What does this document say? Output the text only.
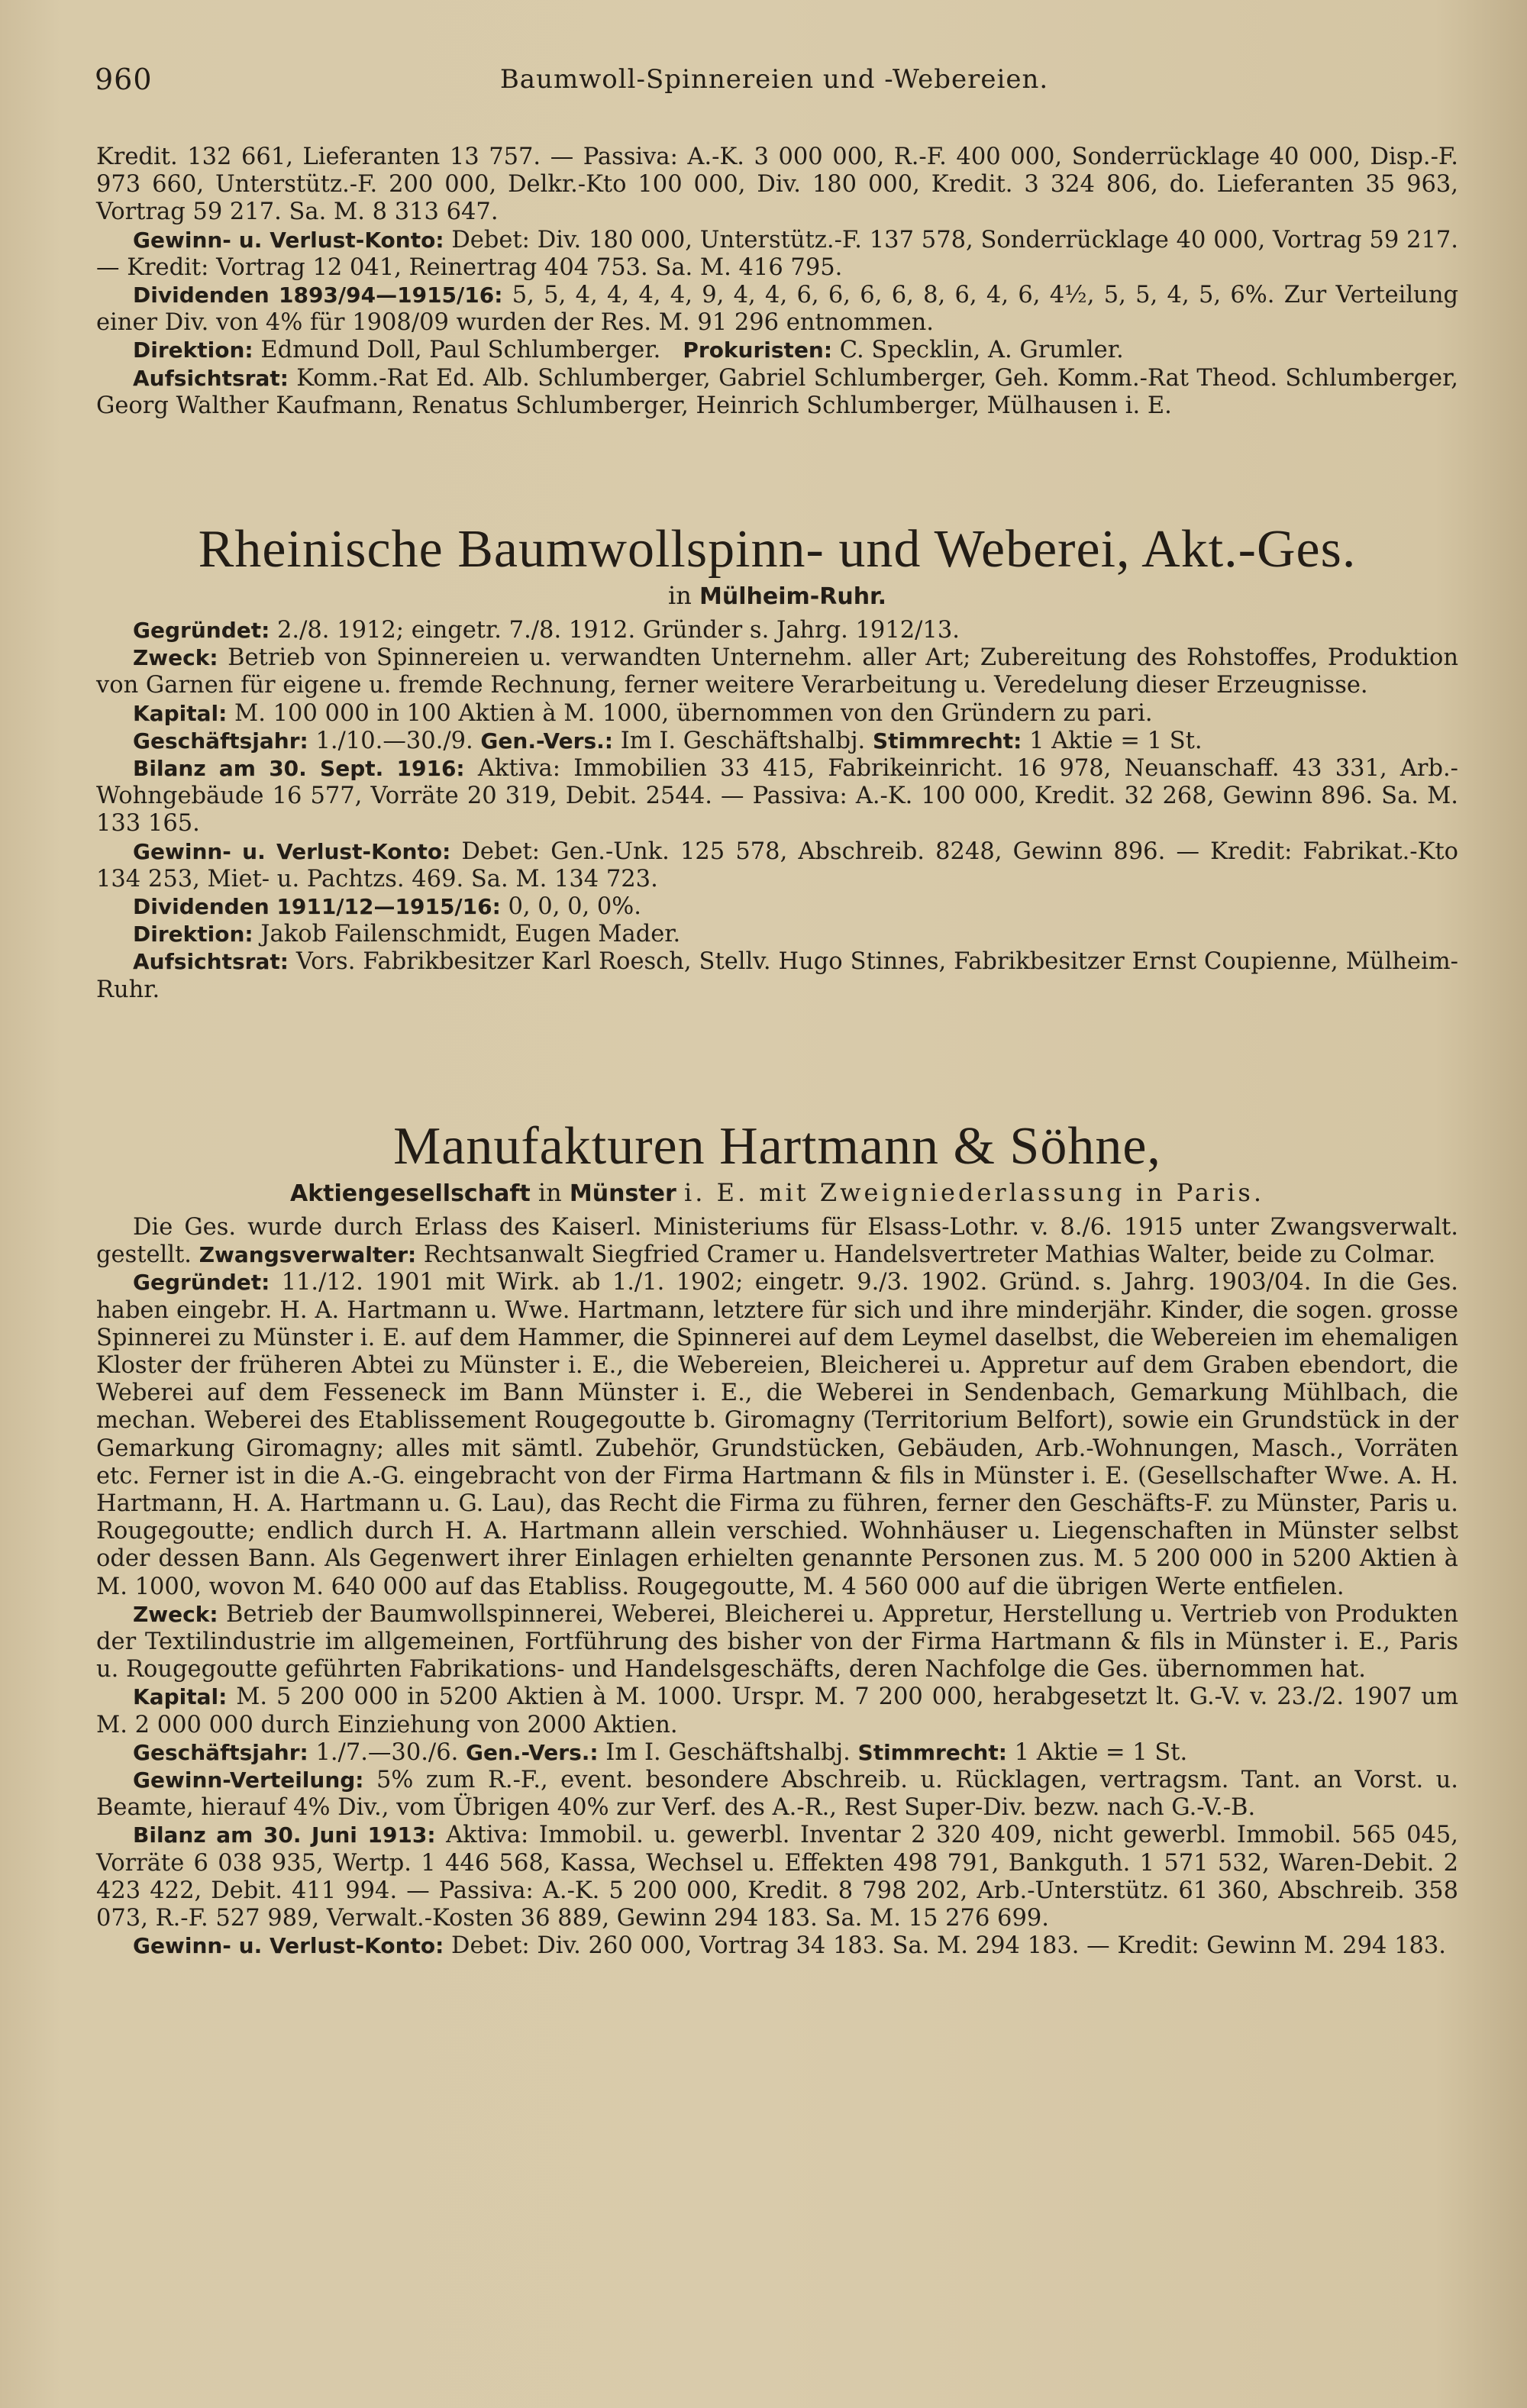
960	Baumwoll-Spinnereien und -Webereien.

Kredit. 132 661, Lieferanten 13 757. — Passiva: A.-K. 3 000 000, R.-F. 400 000, Sonderrücklage 40 000, Disp.-F. 973 660, Unterstütz.-F. 200 000, Delkr.-Kto 100 000, Div. 180 000, Kredit. 3 324 806, do. Lieferanten 35 963, Vortrag 59 217. Sa. M. 8 313 647.

Gewinn- u. Verlust-Konto: Debet: Div. 180 000, Unterstütz.-F. 137 578, Sonderrücklage 40 000, Vortrag 59 217. — Kredit: Vortrag 12 041, Reinertrag 404 753. Sa. M. 416 795.

Dividenden 1893/94—1915/16: 5, 5, 4, 4, 4, 4, 9, 4, 4, 6, 6, 6, 6, 8, 6, 4, 6, 4½, 5, 5, 4, 5, 6%. Zur Verteilung einer Div. von 4% für 1908/09 wurden der Res. M. 91 296 entnommen.

Direktion: Edmund Doll, Paul Schlumberger. Prokuristen: C. Specklin, A. Grumler.

Aufsichtsrat: Komm.-Rat Ed. Alb. Schlumberger, Gabriel Schlumberger, Geh. Komm.-Rat Theod. Schlumberger, Georg Walther Kaufmann, Renatus Schlumberger, Heinrich Schlumberger, Mülhausen i. E.

Rheinische Baumwollspinn- und Weberei, Akt.-Ges.
in Mülheim-Ruhr.

Gegründet: 2./8. 1912; eingetr. 7./8. 1912. Gründer s. Jahrg. 1912/13.

Zweck: Betrieb von Spinnereien u. verwandten Unternehm. aller Art; Zubereitung des Rohstoffes, Produktion von Garnen für eigene u. fremde Rechnung, ferner weitere Verarbeitung u. Veredelung dieser Erzeugnisse.

Kapital: M. 100 000 in 100 Aktien à M. 1000, übernommen von den Gründern zu pari.

Geschäftsjahr: 1./10.—30./9. Gen.-Vers.: Im I. Geschäftshalbj. Stimmrecht: 1 Aktie = 1 St.

Bilanz am 30. Sept. 1916: Aktiva: Immobilien 33 415, Fabrikeinricht. 16 978, Neuanschaff. 43 331, Arb.-Wohngebäude 16 577, Vorräte 20 319, Debit. 2544. — Passiva: A.-K. 100 000, Kredit. 32 268, Gewinn 896. Sa. M. 133 165.

Gewinn- u. Verlust-Konto: Debet: Gen.-Unk. 125 578, Abschreib. 8248, Gewinn 896. — Kredit: Fabrikat.-Kto 134 253, Miet- u. Pachtzs. 469. Sa. M. 134 723.

Dividenden 1911/12—1915/16: 0, 0, 0, 0%.

Direktion: Jakob Failenschmidt, Eugen Mader.

Aufsichtsrat: Vors. Fabrikbesitzer Karl Roesch, Stellv. Hugo Stinnes, Fabrikbesitzer Ernst Coupienne, Mülheim-Ruhr.

Manufakturen Hartmann & Söhne,
Aktiengesellschaft in Münster i. E. mit Zweigniederlassung in Paris.

Die Ges. wurde durch Erlass des Kaiserl. Ministeriums für Elsass-Lothr. v. 8./6. 1915 unter Zwangsverwalt. gestellt. Zwangsverwalter: Rechtsanwalt Siegfried Cramer u. Handelsvertreter Mathias Walter, beide zu Colmar.

Gegründet: 11./12. 1901 mit Wirk. ab 1./1. 1902; eingetr. 9./3. 1902. Gründ. s. Jahrg. 1903/04. In die Ges. haben eingebr. H. A. Hartmann u. Wwe. Hartmann, letztere für sich und ihre minderjähr. Kinder, die sogen. grosse Spinnerei zu Münster i. E. auf dem Hammer, die Spinnerei auf dem Leymel daselbst, die Webereien im ehemaligen Kloster der früheren Abtei zu Münster i. E., die Webereien, Bleicherei u. Appretur auf dem Graben ebendort, die Weberei auf dem Fesseneck im Bann Münster i. E., die Weberei in Sendenbach, Gemarkung Mühlbach, die mechan. Weberei des Etablissement Rougegoutte b. Giromagny (Territorium Belfort), sowie ein Grundstück in der Gemarkung Giromagny; alles mit sämtl. Zubehör, Grundstücken, Gebäuden, Arb.-Wohnungen, Masch., Vorräten etc. Ferner ist in die A.-G. eingebracht von der Firma Hartmann & fils in Münster i. E. (Gesellschafter Wwe. A. H. Hartmann, H. A. Hartmann u. G. Lau), das Recht die Firma zu führen, ferner den Geschäfts-F. zu Münster, Paris u. Rougegoutte; endlich durch H. A. Hartmann allein verschied. Wohnhäuser u. Liegenschaften in Münster selbst oder dessen Bann. Als Gegenwert ihrer Einlagen erhielten genannte Personen zus. M. 5 200 000 in 5200 Aktien à M. 1000, wovon M. 640 000 auf das Etabliss. Rougegoutte, M. 4 560 000 auf die übrigen Werte entfielen.

Zweck: Betrieb der Baumwollspinnerei, Weberei, Bleicherei u. Appretur, Herstellung u. Vertrieb von Produkten der Textilindustrie im allgemeinen, Fortführung des bisher von der Firma Hartmann & fils in Münster i. E., Paris u. Rougegoutte geführten Fabrikations- und Handelsgeschäfts, deren Nachfolge die Ges. übernommen hat.

Kapital: M. 5 200 000 in 5200 Aktien à M. 1000. Urspr. M. 7 200 000, herabgesetzt lt. G.-V. v. 23./2. 1907 um M. 2 000 000 durch Einziehung von 2000 Aktien.

Geschäftsjahr: 1./7.—30./6. Gen.-Vers.: Im I. Geschäftshalbj. Stimmrecht: 1 Aktie = 1 St.

Gewinn-Verteilung: 5% zum R.-F., event. besondere Abschreib. u. Rücklagen, vertragsm. Tant. an Vorst. u. Beamte, hierauf 4% Div., vom Übrigen 40% zur Verf. des A.-R., Rest Super-Div. bezw. nach G.-V.-B.

Bilanz am 30. Juni 1913: Aktiva: Immobil. u. gewerbl. Inventar 2 320 409, nicht gewerbl. Immobil. 565 045, Vorräte 6 038 935, Wertp. 1 446 568, Kassa, Wechsel u. Effekten 498 791, Bankguth. 1 571 532, Waren-Debit. 2 423 422, Debit. 411 994. — Passiva: A.-K. 5 200 000, Kredit. 8 798 202, Arb.-Unterstütz. 61 360, Abschreib. 358 073, R.-F. 527 989, Verwalt.-Kosten 36 889, Gewinn 294 183. Sa. M. 15 276 699.

Gewinn- u. Verlust-Konto: Debet: Div. 260 000, Vortrag 34 183. Sa. M. 294 183. — Kredit: Gewinn M. 294 183.
